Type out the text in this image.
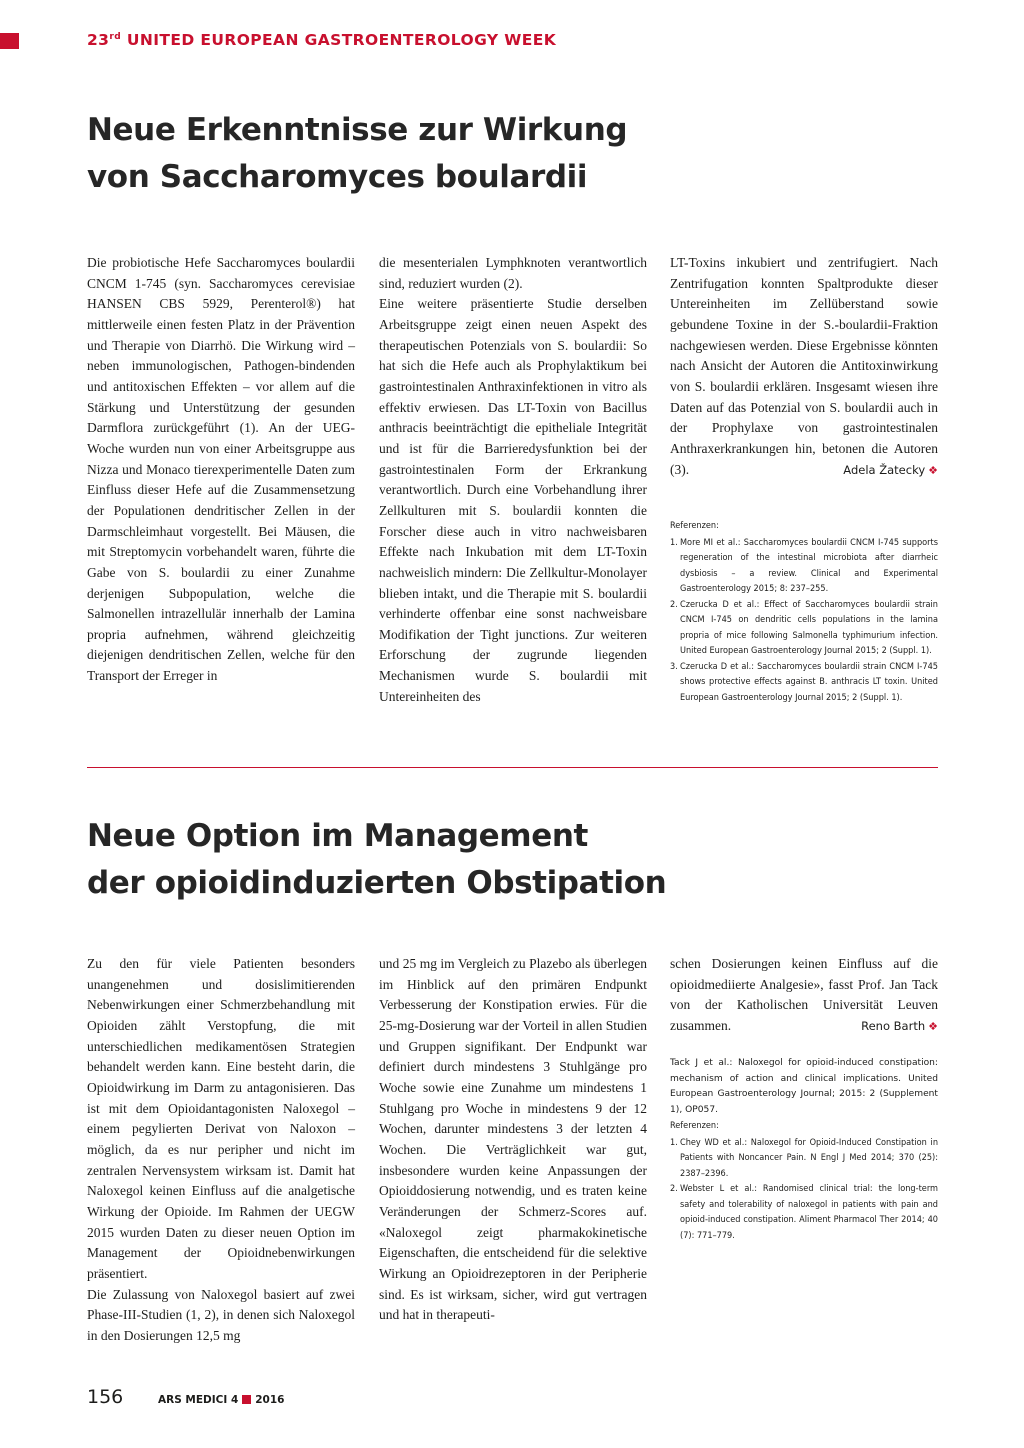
23rd UNITED EUROPEAN GASTROENTEROLOGY WEEK
Neue Erkenntnisse zur Wirkung
von Saccharomyces boulardii

Die probiotische Hefe Saccharomyces boulardii CNCM 1-745 (syn. Saccharomyces cerevisiae HANSEN CBS 5929, Perenterol®) hat mittlerweile einen festen Platz in der Prävention und Therapie von Diarrhö. Die Wirkung wird – neben immunologischen, Pathogen-bindenden und antitoxischen Effekten – vor allem auf die Stärkung und Unterstützung der gesunden Darmflora zurückgeführt (1). An der UEG-Woche wurden nun von einer Arbeitsgruppe aus Nizza und Monaco tierexperimentelle Daten zum Einfluss dieser Hefe auf die Zusammensetzung der Populationen dendritischer Zellen in der Darmschleimhaut vorgestellt. Bei Mäusen, die mit Streptomycin vorbehandelt waren, führte die Gabe von S. boulardii zu einer Zunahme derjenigen Subpopulation, welche die Salmonellen intrazellulär innerhalb der Lamina propria aufnehmen, während gleichzeitig diejenigen dendritischen Zellen, welche für den Transport der Erreger in

die mesenterialen Lymphknoten verantwortlich sind, reduziert wurden (2).

Eine weitere präsentierte Studie derselben Arbeitsgruppe zeigt einen neuen Aspekt des therapeutischen Potenzials von S. boulardii: So hat sich die Hefe auch als Prophylaktikum bei gastrointestinalen Anthraxinfektionen in vitro als effektiv erwiesen. Das LT-Toxin von Bacillus anthracis beeinträchtigt die epitheliale Integrität und ist für die Barrieredysfunktion bei der gastrointestinalen Form der Erkrankung verantwortlich. Durch eine Vorbehandlung ihrer Zellkulturen mit S. boulardii konnten die Forscher diese auch in vitro nachweisbaren Effekte nach Inkubation mit dem LT-Toxin nachweislich mindern: Die Zellkultur-Monolayer blieben intakt, und die Therapie mit S. boulardii verhinderte offenbar eine sonst nachweisbare Modifikation der Tight junctions. Zur weiteren Erforschung der zugrunde liegenden Mechanismen wurde S. boulardii mit Untereinheiten des

LT-Toxins inkubiert und zentrifugiert. Nach Zentrifugation konnten Spaltprodukte dieser Untereinheiten im Zellüberstand sowie gebundene Toxine in der S.-boulardii-Fraktion nachgewiesen werden. Diese Ergebnisse könnten nach Ansicht der Autoren die Antitoxinwirkung von S. boulardii erklären. Insgesamt wiesen ihre Daten auf das Potenzial von S. boulardii auch in der Prophylaxe von gastrointestinalen Anthraxerkrankungen hin, betonen die Autoren (3).	Adela Žatecky ❖

Referenzen:
1. More MI et al.: Saccharomyces boulardii CNCM I-745 supports regeneration of the intestinal microbiota after diarrheic dysbiosis – a review. Clinical and Experimental Gastroenterology 2015; 8: 237–255.
2. Czerucka D et al.: Effect of Saccharomyces boulardii strain CNCM I-745 on dendritic cells populations in the lamina propria of mice following Salmonella typhimurium infection. United European Gastroenterology Journal 2015; 2 (Suppl. 1).
3. Czerucka D et al.: Saccharomyces boulardii strain CNCM I-745 shows protective effects against B. anthracis LT toxin. United European Gastroenterology Journal 2015; 2 (Suppl. 1).
Neue Option im Management
der opioidinduzierten Obstipation

Zu den für viele Patienten besonders unangenehmen und dosislimitierenden Nebenwirkungen einer Schmerzbehandlung mit Opioiden zählt Verstopfung, die mit unterschiedlichen medikamentösen Strategien behandelt werden kann. Eine besteht darin, die Opioidwirkung im Darm zu antagonisieren. Das ist mit dem Opioidantagonisten Naloxegol – einem pegylierten Derivat von Naloxon – möglich, da es nur peripher und nicht im zentralen Nervensystem wirksam ist. Damit hat Naloxegol keinen Einfluss auf die analgetische Wirkung der Opioide. Im Rahmen der UEGW 2015 wurden Daten zu dieser neuen Option im Management der Opioidnebenwirkungen präsentiert.

Die Zulassung von Naloxegol basiert auf zwei Phase-III-Studien (1, 2), in denen sich Naloxegol in den Dosierungen 12,5 mg

und 25 mg im Vergleich zu Plazebo als überlegen im Hinblick auf den primären Endpunkt Verbesserung der Konstipation erwies. Für die 25-mg-Dosierung war der Vorteil in allen Studien und Gruppen signifikant. Der Endpunkt war definiert durch mindestens 3 Stuhlgänge pro Woche sowie eine Zunahme um mindestens 1 Stuhlgang pro Woche in mindestens 9 der 12 Wochen, darunter mindestens 3 der letzten 4 Wochen. Die Verträglichkeit war gut, insbesondere wurden keine Anpassungen der Opioiddosierung notwendig, und es traten keine Veränderungen der Schmerz-Scores auf. «Naloxegol zeigt pharmakokinetische Eigenschaften, die entscheidend für die selektive Wirkung an Opioidrezeptoren in der Peripherie sind. Es ist wirksam, sicher, wird gut vertragen und hat in therapeuti-

schen Dosierungen keinen Einfluss auf die opioidmediierte Analgesie», fasst Prof. Jan Tack von der Katholischen Universität Leuven zusammen.	Reno Barth ❖

Tack J et al.: Naloxegol for opioid-induced constipation: mechanism of action and clinical implications. United European Gastroenterology Journal; 2015: 2 (Supplement 1), OP057.
Referenzen:
1. Chey WD et al.: Naloxegol for Opioid-Induced Constipation in Patients with Noncancer Pain. N Engl J Med 2014; 370 (25): 2387–2396.
2. Webster L et al.: Randomised clinical trial: the long-term safety and tolerability of naloxegol in patients with pain and opioid-induced constipation. Aliment Pharmacol Ther 2014; 40 (7): 771–779.
156	ARS MEDICI 4 2016
